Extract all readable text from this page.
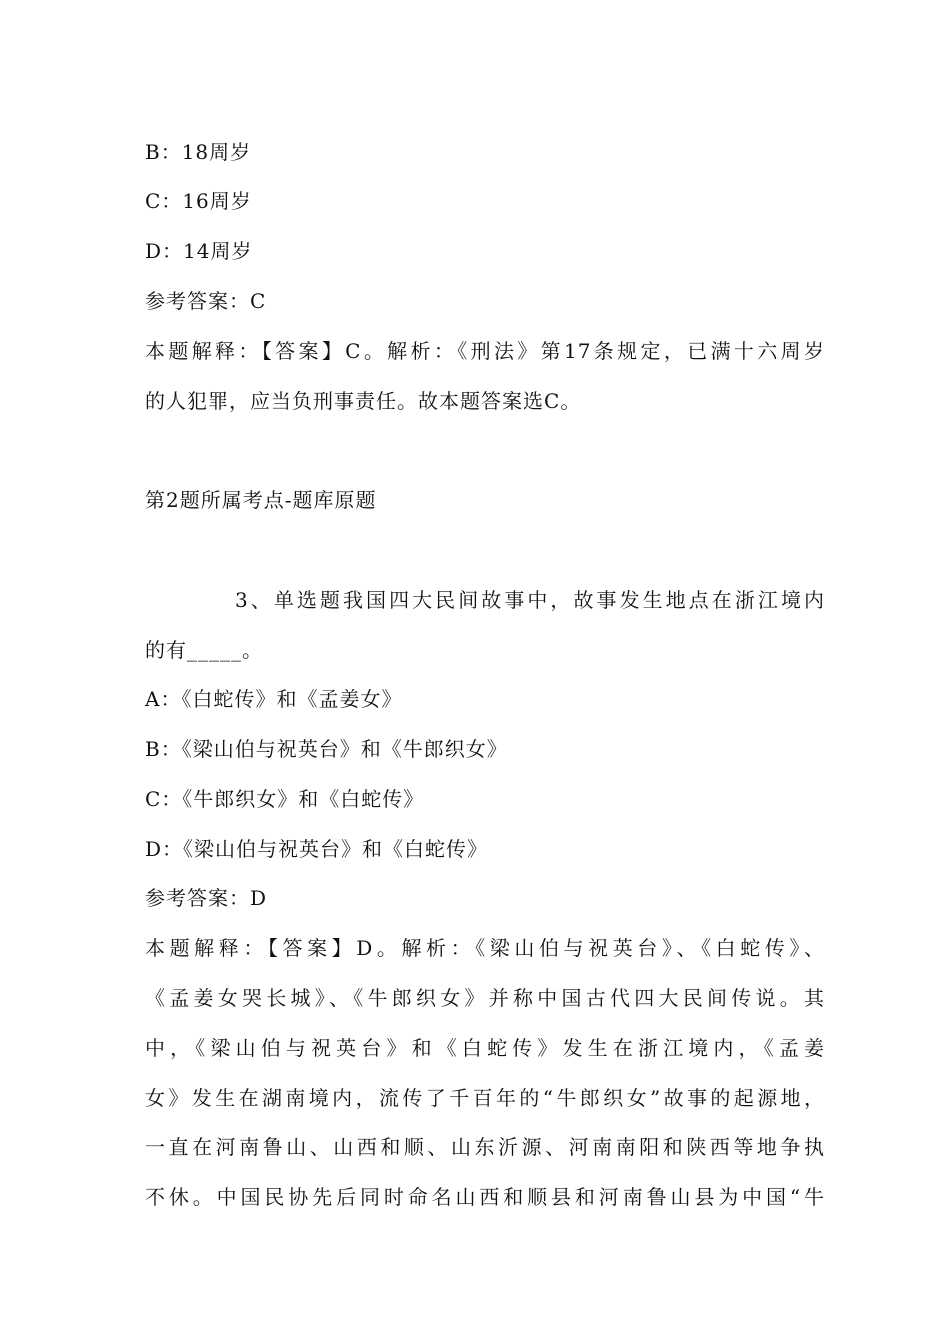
B：18周岁
C：16周岁
D：14周岁
参考答案：C
本题解释：【答案】C。解析：《刑法》第17条规定，已满十六周岁
的人犯罪，应当负刑事责任。故本题答案选C。
第2题所属考点-题库原题
3、单选题我国四大民间故事中，故事发生地点在浙江境内
的有_____。
A：《白蛇传》和《孟姜女》
B：《梁山伯与祝英台》和《牛郎织女》
C：《牛郎织女》和《白蛇传》
D：《梁山伯与祝英台》和《白蛇传》
参考答案：D
本题解释：【答案】D。解析：《梁山伯与祝英台》、《白蛇传》、
《孟姜女哭长城》、《牛郎织女》并称中国古代四大民间传说。其
中，《梁山伯与祝英台》和《白蛇传》发生在浙江境内，《孟姜
女》发生在湖南境内，流传了千百年的“牛郎织女”故事的起源地，
一直在河南鲁山、山西和顺、山东沂源、河南南阳和陕西等地争执
不休。中国民协先后同时命名山西和顺县和河南鲁山县为中国“牛
